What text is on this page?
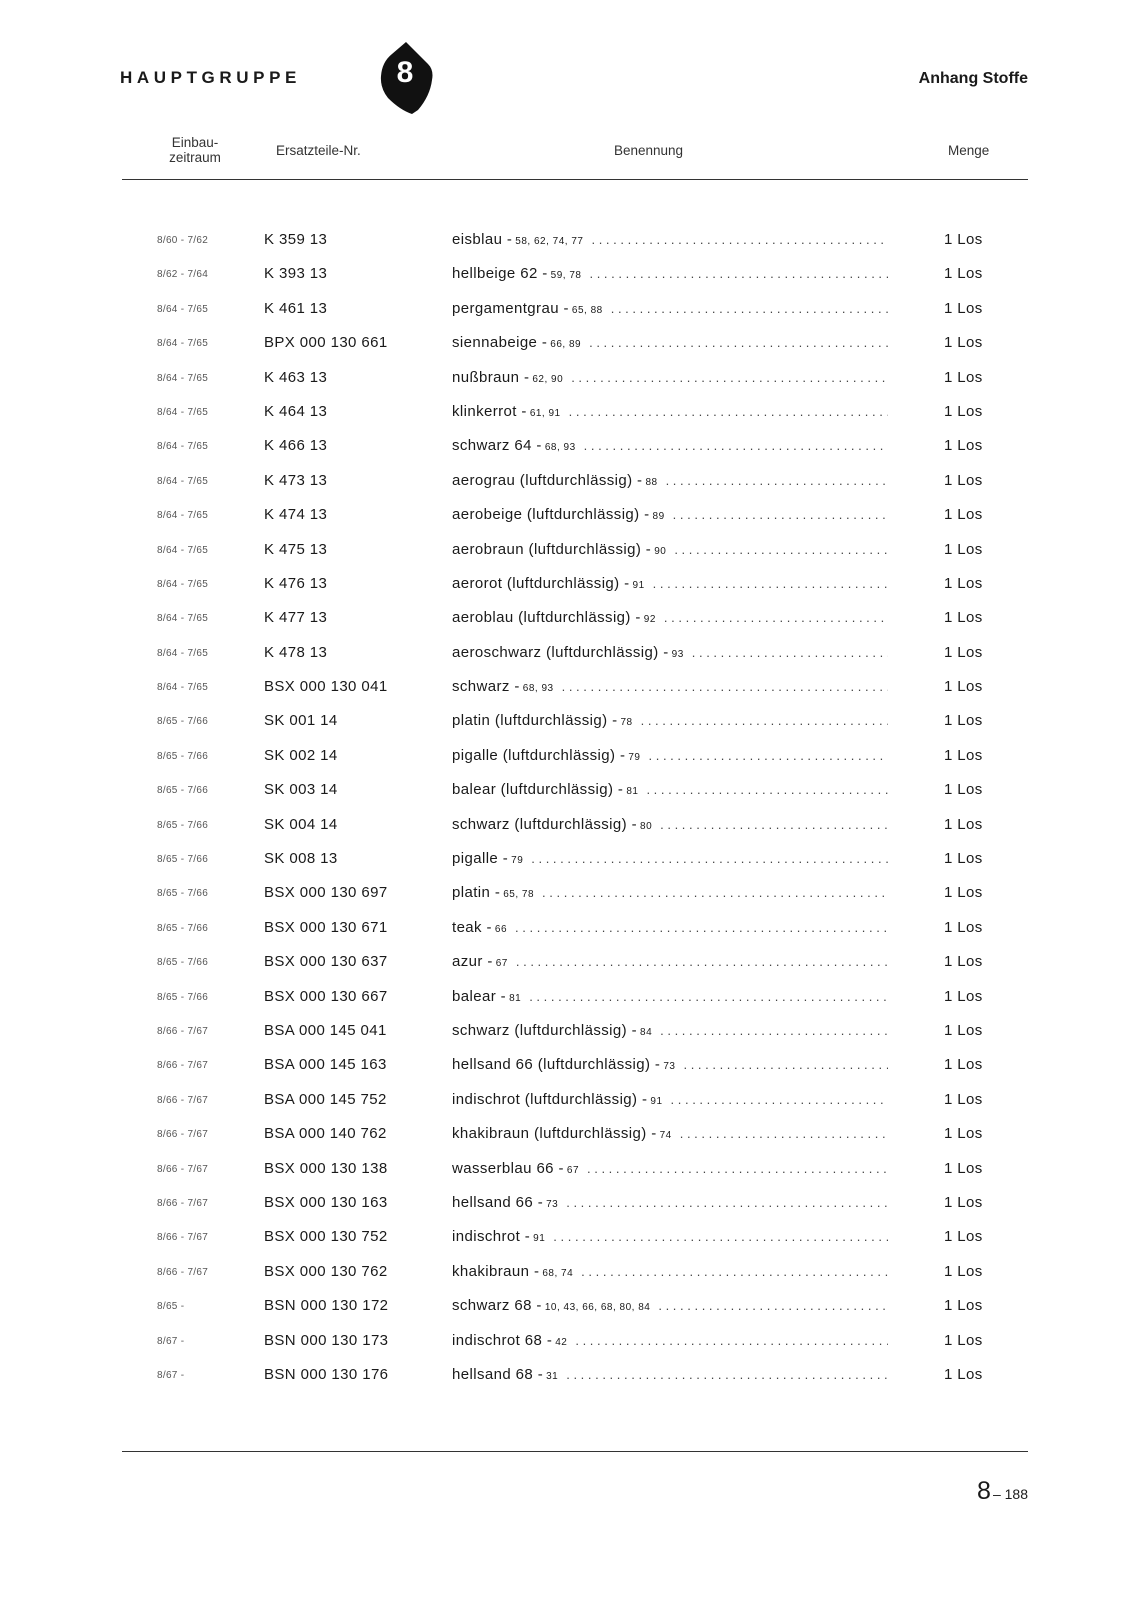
HAUPTGRUPPE	8	Anhang Stoffe
Einbau-
zeitraum	Ersatzteile-Nr.	Benennung	Menge
8/60 - 7/62	K 359 13	eisblau - 58, 62, 74, 77 . . .	1 Los
8/62 - 7/64	K 393 13	hellbeige 62 - 59, 78 . . .	1 Los
8/64 - 7/65	K 461 13	pergamentgrau - 65, 88 . . .	1 Los
8/64 - 7/65	BPX 000 130 661	siennabeige - 66, 89 . . .	1 Los
8/64 - 7/65	K 463 13	nußbraun - 62, 90 . . .	1 Los
8/64 - 7/65	K 464 13	klinkerrot - 61, 91 . . .	1 Los
8/64 - 7/65	K 466 13	schwarz 64 - 68, 93 . . .	1 Los
8/64 - 7/65	K 473 13	aerograu (luftdurchlässig) - 88 . . .	1 Los
8/64 - 7/65	K 474 13	aerobeige (luftdurchlässig) - 89 . . .	1 Los
8/64 - 7/65	K 475 13	aerobraun (luftdurchlässig) - 90 . . .	1 Los
8/64 - 7/65	K 476 13	aerorot (luftdurchlässig) - 91 . . .	1 Los
8/64 - 7/65	K 477 13	aeroblau (luftdurchlässig) - 92 . . .	1 Los
8/64 - 7/65	K 478 13	aeroschwarz (luftdurchlässig) - 93 . . .	1 Los
8/64 - 7/65	BSX 000 130 041	schwarz - 68, 93 . . .	1 Los
8/65 - 7/66	SK 001 14	platin (luftdurchlässig) - 78 . . .	1 Los
8/65 - 7/66	SK 002 14	pigalle (luftdurchlässig) - 79 . . .	1 Los
8/65 - 7/66	SK 003 14	balear (luftdurchlässig) - 81 . . .	1 Los
8/65 - 7/66	SK 004 14	schwarz (luftdurchlässig) - 80 . . .	1 Los
8/65 - 7/66	SK 008 13	pigalle - 79 . . .	1 Los
8/65 - 7/66	BSX 000 130 697	platin - 65, 78 . . .	1 Los
8/65 - 7/66	BSX 000 130 671	teak - 66 . . .	1 Los
8/65 - 7/66	BSX 000 130 637	azur - 67 . . .	1 Los
8/65 - 7/66	BSX 000 130 667	balear - 81 . . .	1 Los
8/66 - 7/67	BSA 000 145 041	schwarz (luftdurchlässig) - 84 . . .	1 Los
8/66 - 7/67	BSA 000 145 163	hellsand 66 (luftdurchlässig) - 73 . . .	1 Los
8/66 - 7/67	BSA 000 145 752	indischrot (luftdurchlässig) - 91 . . .	1 Los
8/66 - 7/67	BSA 000 140 762	khakibraun (luftdurchlässig) - 74 . . .	1 Los
8/66 - 7/67	BSX 000 130 138	wasserblau 66 - 67 . . .	1 Los
8/66 - 7/67	BSX 000 130 163	hellsand 66 - 73 . . .	1 Los
8/66 - 7/67	BSX 000 130 752	indischrot - 91 . . .	1 Los
8/66 - 7/67	BSX 000 130 762	khakibraun - 68, 74 . . .	1 Los
8/65 -	BSN 000 130 172	schwarz 68 - 10, 43, 66, 68, 80, 84 . . .	1 Los
8/67 -	BSN 000 130 173	indischrot 68 - 42 . . .	1 Los
8/67 -	BSN 000 130 176	hellsand 68 - 31 . . .	1 Los
8 – 188
